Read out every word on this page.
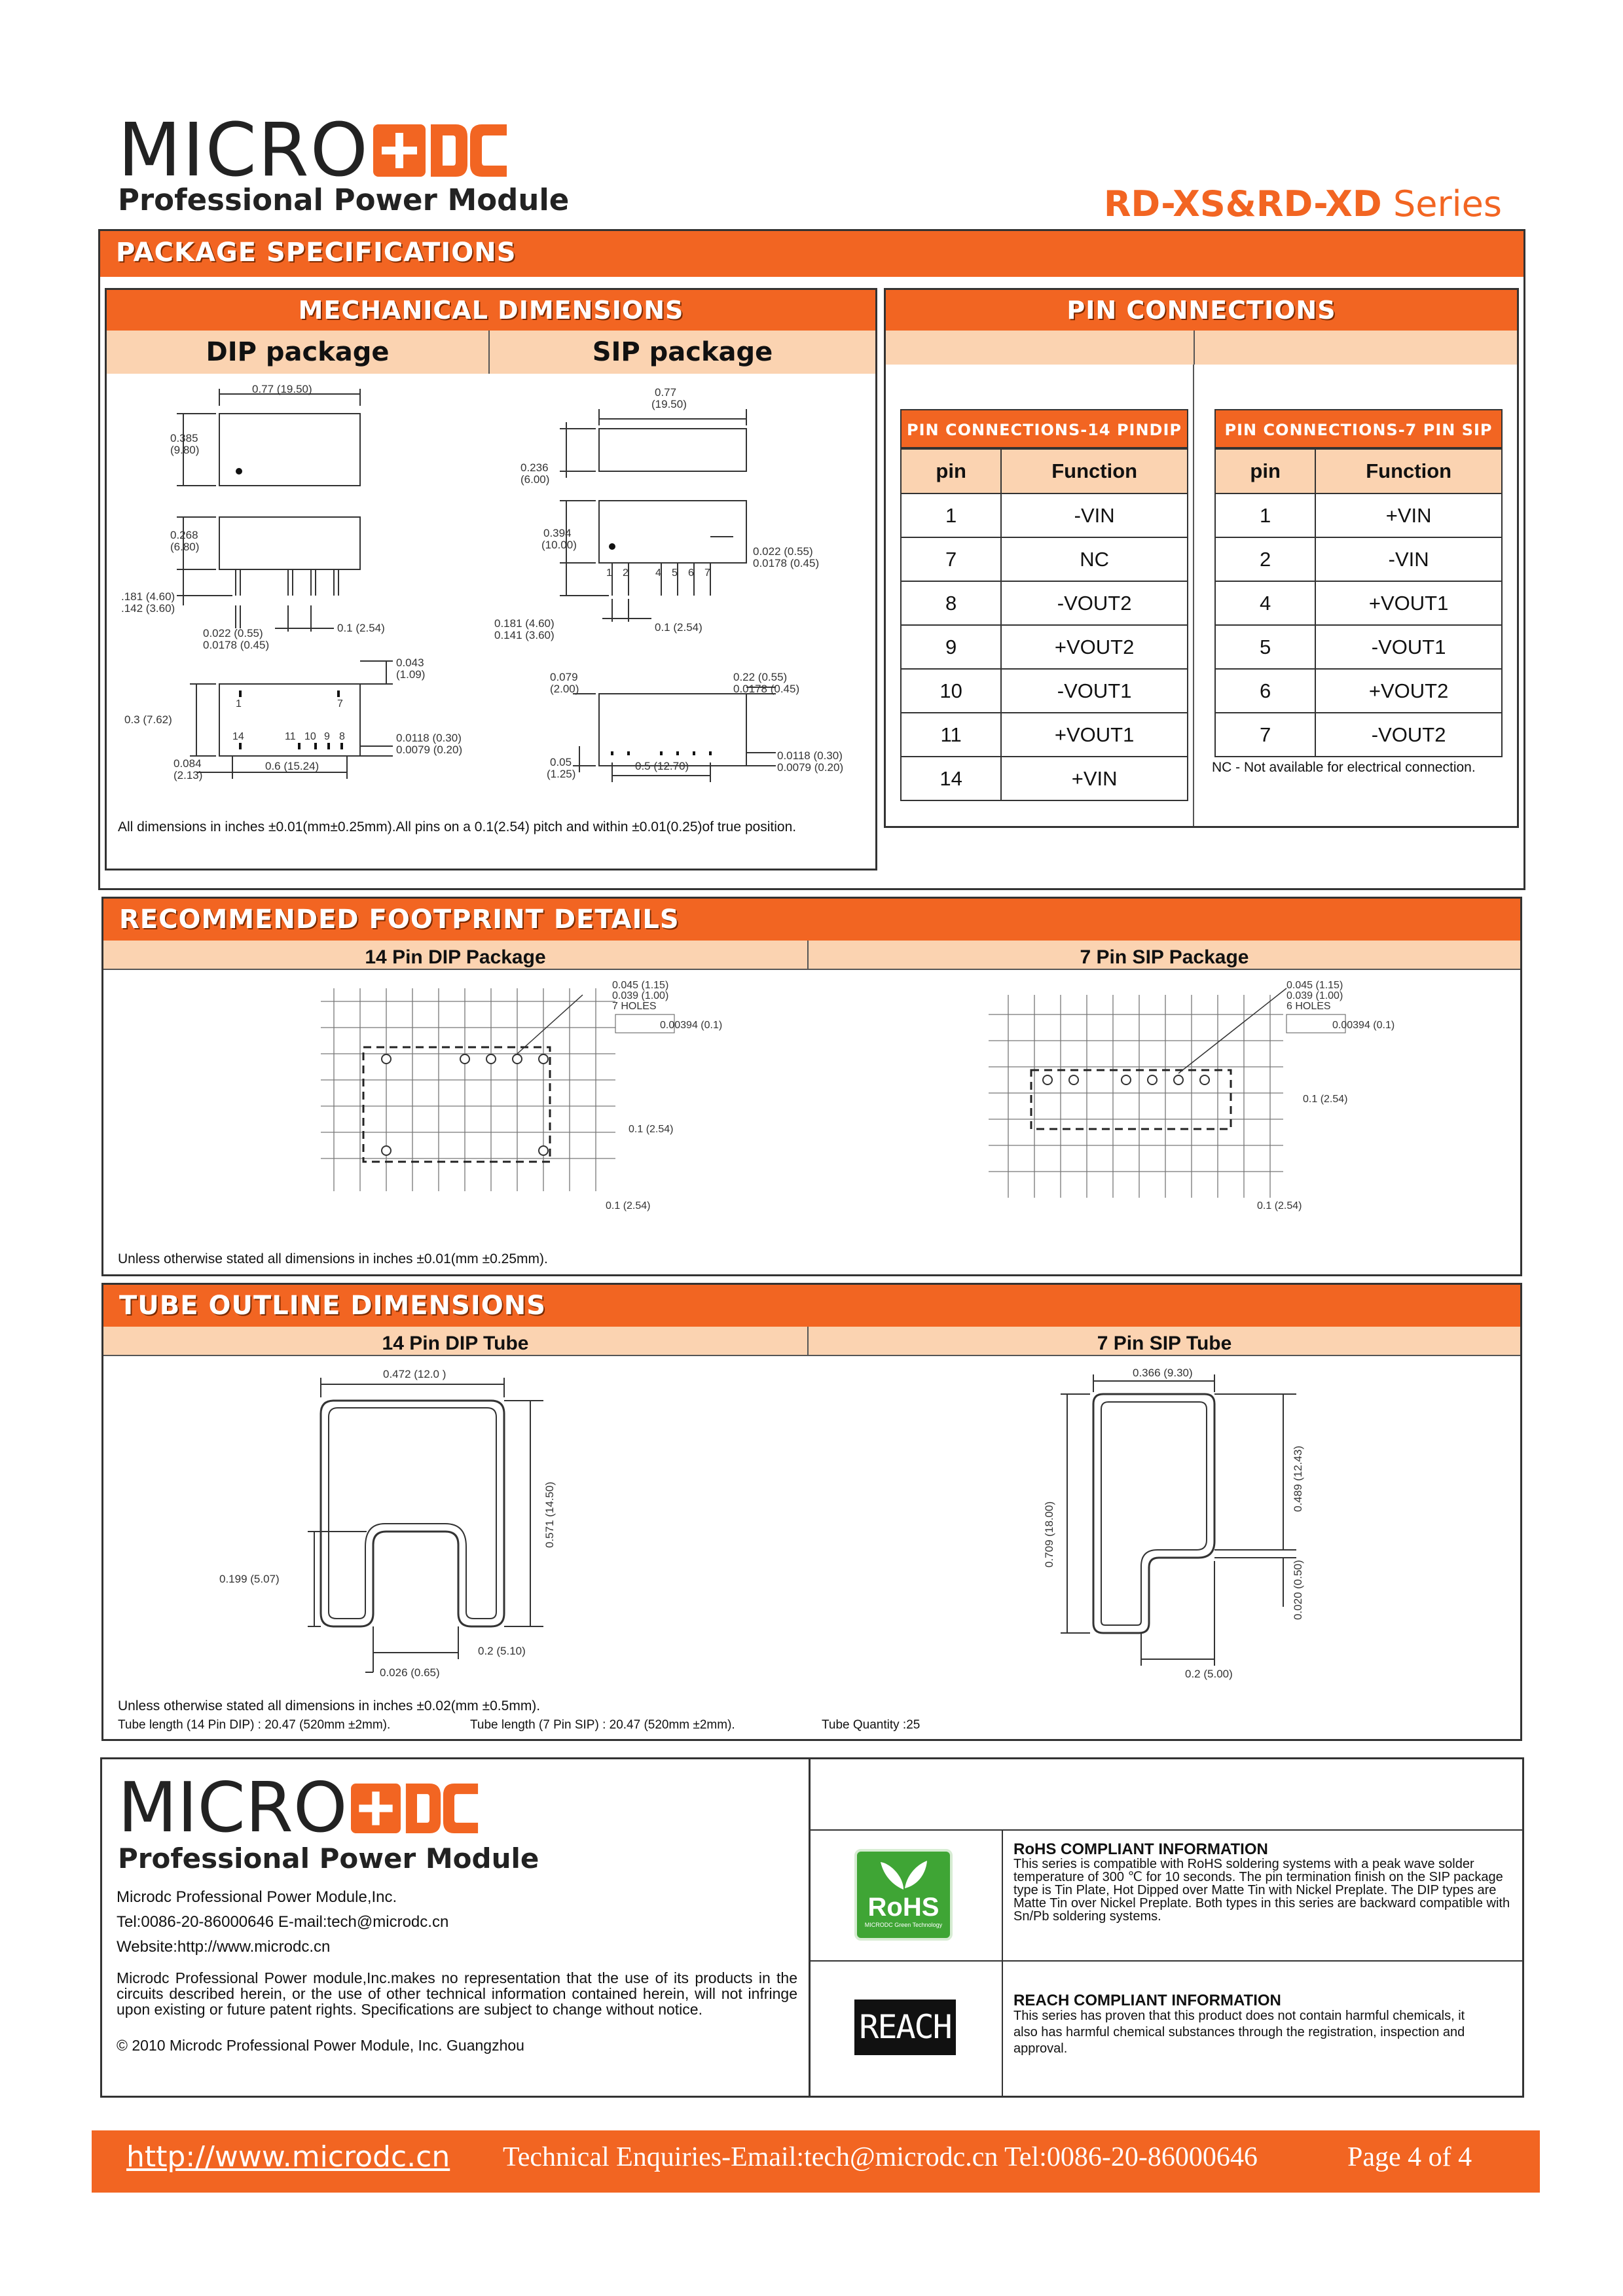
MICRO
Professional Power Module	RD-XS&RD-XD Series
PACKAGE SPECIFICATIONS
MECHANICAL DIMENSIONS
DIP package	SIP package
0.77 (19.50)
0.385
(9.80)
0.268
(6.80)
.181 (4.60)
.142 (3.60)
0.022 (0.55)
0.0178 (0.45)
0.1 (2.54)
0.043
(1.09)
0.3 (7.62)
1	7
14	11 10 9 8	0.0118 (0.30)
0.0079 (0.20)
0.084
(2.13)
0.6 (15.24)
0.77
(19.50)
0.236
(6.00)
0.394
(10.00)
0.022 (0.55)
0.0178 (0.45)
0.181 (4.60)
0.141 (3.60)
0.1 (2.54)
1 2	4 5 6 7
0.079
(2.00)
0.22 (0.55)
0.0178 (0.45)
0.0118 (0.30)
0.0079 (0.20)
0.05
(1.25)
0.5 (12.70)
All dimensions in inches ±0.01(mm±0.25mm).All pins on a 0.1(2.54) pitch and within ±0.01(0.25)of true position.
PIN CONNECTIONS
PIN CONNECTIONS-14 PINDIP
pin	Function
1	-VIN
7	NC
8	-VOUT2
9	+VOUT2
10	-VOUT1
11	+VOUT1
14	+VIN
PIN CONNECTIONS-7 PIN SIP
pin	Function
1	+VIN
2	-VIN
4	+VOUT1
5	-VOUT1
6	+VOUT2
7	-VOUT2
NC - Not available for electrical connection.
RECOMMENDED FOOTPRINT DETAILS
14 Pin DIP Package	7 Pin SIP Package
0.045 (1.15)
0.039 (1.00)
7 HOLES
0.00394 (0.1)
0.1 (2.54)
0.1 (2.54)
0.045 (1.15)
0.039 (1.00)
6 HOLES
0.00394 (0.1)
0.1 (2.54)
0.1 (2.54)
Unless otherwise stated all dimensions in inches ±0.01(mm ±0.25mm).
TUBE OUTLINE DIMENSIONS
14 Pin DIP Tube	7 Pin SIP Tube
0.472 (12.0 )
0.571 (14.50)
0.199 (5.07)
0.2 (5.10)
0.026 (0.65)
0.366 (9.30)
0.709 (18.00)
0.489 (12.43)
0.020 (0.50)
0.2 (5.00)
Unless otherwise stated all dimensions in inches ±0.02(mm ±0.5mm).
Tube length (14 Pin DIP) : 20.47 (520mm ±2mm).	Tube length (7 Pin SIP) : 20.47 (520mm ±2mm).	Tube Quantity :25
MICRO
Professional Power Module
Microdc Professional Power Module,Inc.
Tel:0086-20-86000646 E-mail:tech@microdc.cn
Website:http://www.microdc.cn
Microdc Professional Power module,Inc.makes no representation that the use of its products in the circuits described herein, or the use of other technical information contained herein, will not infringe upon existing or future patent rights. Specifications are subject to change without notice.
© 2010 Microdc Professional Power Module, Inc. Guangzhou
RoHS
MICRODC Green Technology
RoHS COMPLIANT INFORMATION
This series is compatible with RoHS soldering systems with a peak wave solder temperature of 300 ℃ for 10 seconds. The pin termination finish on the SIP package type is Tin Plate, Hot Dipped over Matte Tin with Nickel Preplate. The DIP types are Matte Tin over Nickel Preplate. Both types in this series are backward compatible with Sn/Pb soldering systems.
REACH
REACH COMPLIANT INFORMATION
This series has proven that this product does not contain harmful chemicals, it also has harmful chemical substances through the registration, inspection and approval.
http://www.microdc.cn Technical Enquiries-Email:tech@microdc.cn Tel:0086-20-86000646	Page 4 of 4
